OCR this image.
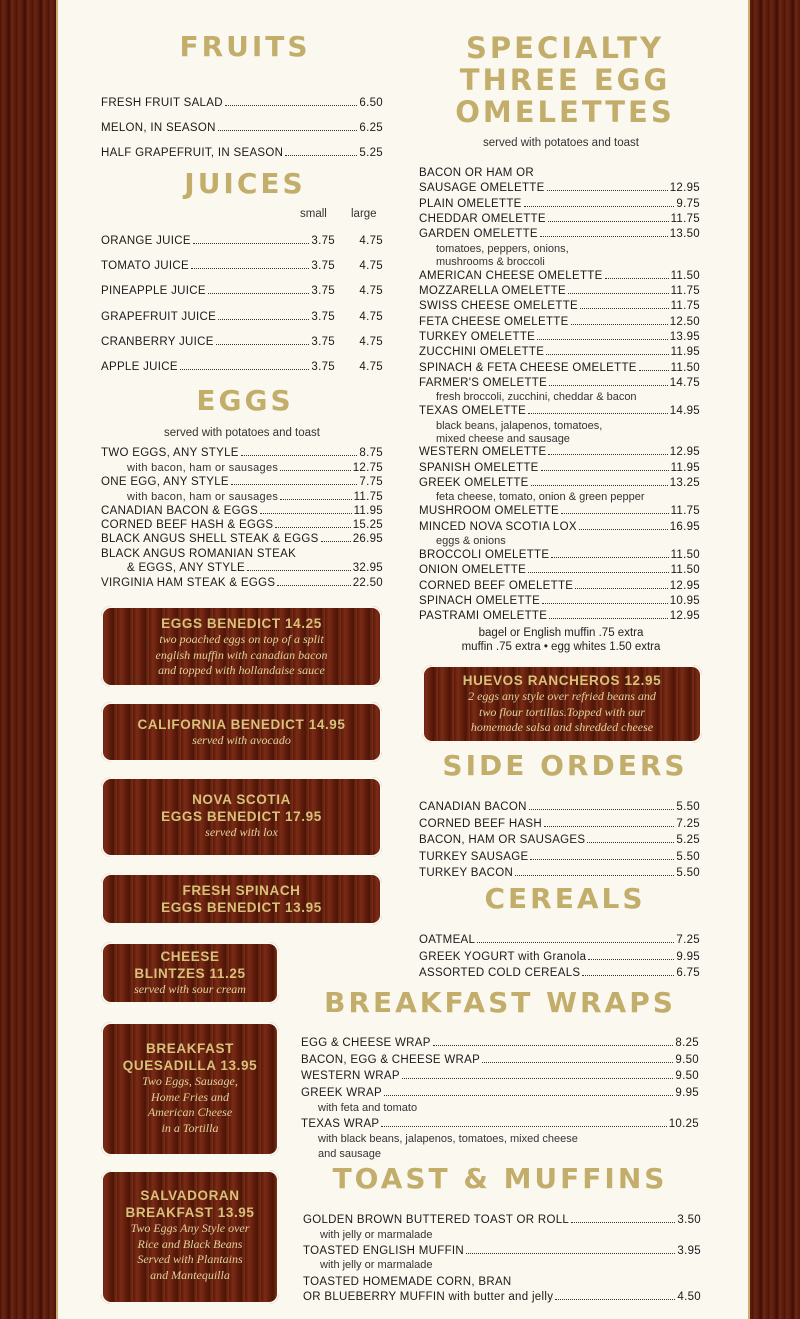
FRUITS
FRESH FRUIT SALAD	6.50
MELON, IN SEASON	6.25
HALF GRAPEFRUIT, IN SEASON	5.25
JUICES
small large
ORANGE JUICE	3.75	4.75
TOMATO JUICE	3.75	4.75
PINEAPPLE JUICE	3.75	4.75
GRAPEFRUIT JUICE	3.75	4.75
CRANBERRY JUICE	3.75	4.75
APPLE JUICE	3.75	4.75
EGGS
served with potatoes and toast
TWO EGGS, ANY STYLE	8.75
with bacon, ham or sausages	12.75
ONE EGG, ANY STYLE	7.75
with bacon, ham or sausages	11.75
CANADIAN BACON & EGGS	11.95
CORNED BEEF HASH & EGGS	15.25
BLACK ANGUS SHELL STEAK & EGGS	26.95
BLACK ANGUS ROMANIAN STEAK
& EGGS, ANY STYLE	32.95
VIRGINIA HAM STEAK & EGGS	22.50
EGGS BENEDICT 14.25
two poached eggs on top of a split
english muffin with canadian bacon
and topped with hollandaise sauce
CALIFORNIA BENEDICT 14.95
served with avocado
NOVA SCOTIA
EGGS BENEDICT 17.95
served with lox
FRESH SPINACH
EGGS BENEDICT 13.95
CHEESE
BLINTZES 11.25
served with sour cream
BREAKFAST
QUESADILLA 13.95
Two Eggs, Sausage,
Home Fries and
American Cheese
in a Tortilla
SALVADORAN
BREAKFAST 13.95
Two Eggs Any Style over
Rice and Black Beans
Served with Plantains
and Mantequilla
SPECIALTY
THREE EGG
OMELETTES
served with potatoes and toast
BACON OR HAM OR
SAUSAGE OMELETTE	12.95
PLAIN OMELETTE	9.75
CHEDDAR OMELETTE	11.75
GARDEN OMELETTE	13.50
tomatoes, peppers, onions,
mushrooms & broccoli
AMERICAN CHEESE OMELETTE	11.50
MOZZARELLA OMELETTE	11.75
SWISS CHEESE OMELETTE	11.75
FETA CHEESE OMELETTE	12.50
TURKEY OMELETTE	13.95
ZUCCHINI OMELETTE	11.95
SPINACH & FETA CHEESE OMELETTE	11.50
FARMER'S OMELETTE	14.75
fresh broccoli, zucchini, cheddar & bacon
TEXAS OMELETTE	14.95
black beans, jalapenos, tomatoes,
mixed cheese and sausage
WESTERN OMELETTE	12.95
SPANISH OMELETTE	11.95
GREEK OMELETTE	13.25
feta cheese, tomato, onion & green pepper
MUSHROOM OMELETTE	11.75
MINCED NOVA SCOTIA LOX	16.95
eggs & onions
BROCCOLI OMELETTE	11.50
ONION OMELETTE	11.50
CORNED BEEF OMELETTE	12.95
SPINACH OMELETTE	10.95
PASTRAMI OMELETTE	12.95
bagel or English muffin .75 extra
muffin .75 extra • egg whites 1.50 extra
HUEVOS RANCHEROS 12.95
2 eggs any style over refried beans and
two flour tortillas.Topped with our
homemade salsa and shredded cheese
SIDE ORDERS
CANADIAN BACON	5.50
CORNED BEEF HASH	7.25
BACON, HAM OR SAUSAGES	5.25
TURKEY SAUSAGE	5.50
TURKEY BACON	5.50
CEREALS
OATMEAL	7.25
GREEK YOGURT with Granola	9.95
ASSORTED COLD CEREALS	6.75
BREAKFAST WRAPS
EGG & CHEESE WRAP	8.25
BACON, EGG & CHEESE WRAP	9.50
WESTERN WRAP	9.50
GREEK WRAP	9.95
with feta and tomato
TEXAS WRAP	10.25
with black beans, jalapenos, tomatoes, mixed cheese
and sausage
TOAST & MUFFINS
GOLDEN BROWN BUTTERED TOAST OR ROLL	3.50
with jelly or marmalade
TOASTED ENGLISH MUFFIN	3.95
with jelly or marmalade
TOASTED HOMEMADE CORN, BRAN
OR BLUEBERRY MUFFIN with butter and jelly	4.50
